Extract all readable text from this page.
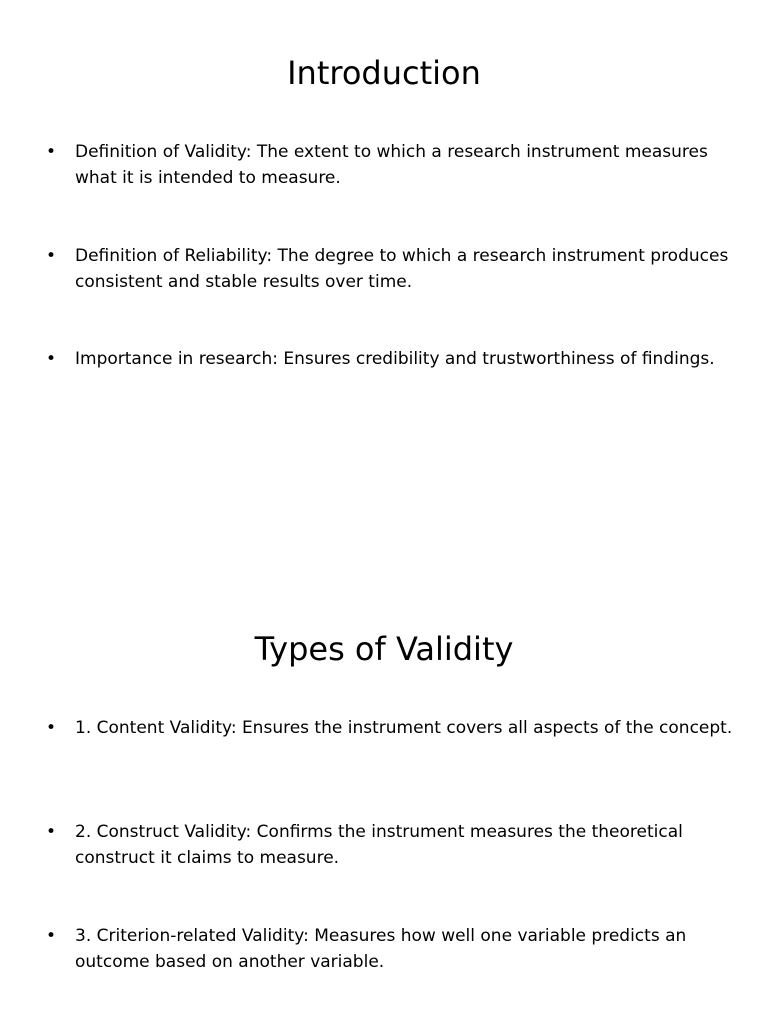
Introduction
•	Definition of Validity: The extent to which a research instrument measures what it is intended to measure.
•	Definition of Reliability: The degree to which a research instrument produces consistent and stable results over time.
•	Importance in research: Ensures credibility and trustworthiness of findings.
Types of Validity
•	1. Content Validity: Ensures the instrument covers all aspects of the concept.
•	2. Construct Validity: Confirms the instrument measures the theoretical construct it claims to measure.
•	3. Criterion-related Validity: Measures how well one variable predicts an outcome based on another variable.
